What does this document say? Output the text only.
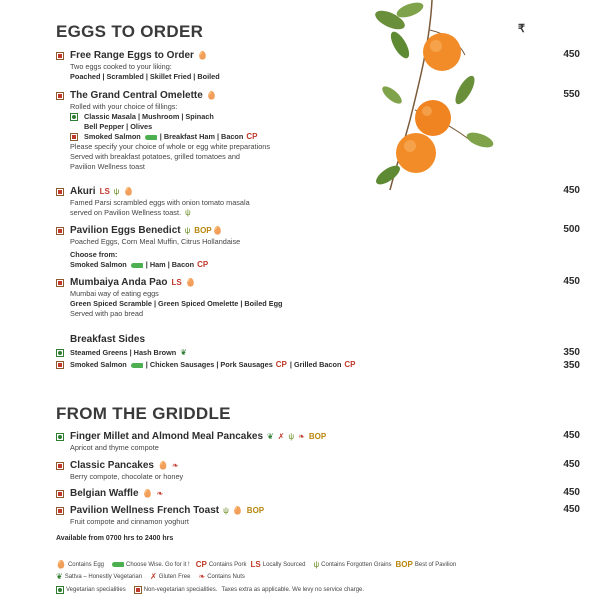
EGGS TO ORDER	₹
Free Range Eggs to Order 🥚	450
Two eggs cooked to your liking:
Poached | Scrambled | Skillet Fried | Boiled
The Grand Central Omelette 🥚	550
Rolled with your choice of fillings:
Classic Masala | Mushroom | Spinach
Bell Pepper | Olives
Smoked Salmon	| Breakfast Ham | Bacon CP
Please specify your choice of whole or egg white preparations
Served with breakfast potatoes, grilled tomatoes and
Pavilion Wellness toast
Akuri LS ψ 🥚	450
Famed Parsi scrambled eggs with onion tomato masala
served on Pavilion Wellness toast. ψ
Pavilion Eggs Benedict ψ BOP 🥚	500
Poached Eggs, Corn Meal Muffin, Citrus Hollandaise
Choose from:
Smoked Salmon	| Ham | Bacon CP
Mumbaiya Anda Pao LS 🥚	450
Mumbai way of eating eggs
Green Spiced Scramble | Green Spiced Omelette | Boiled Egg
Served with pao bread
Breakfast Sides
Steamed Greens | Hash Brown ❦	350
Smoked Salmon	| Chicken Sausages | Pork Sausages CP | Grilled Bacon CP	350
FROM THE GRIDDLE
Finger Millet and Almond Meal Pancakes ❦ ✗ ψ ❧ BOP	450
Apricot and thyme compote
Classic Pancakes 🥚 ❧	450
Berry compote, chocolate or honey
Belgian Waffle 🥚 ❧	450
Pavilion Wellness French Toast ψ 🥚 BOP	450
Fruit compote and cinnamon yoghurt
Available from 0700 hrs to 2400 hrs
🥚 Contains Egg	Choose Wise. Go for it ! CP Contains Pork LS Locally Sourced ψ Contains Forgotten Grains BOP Best of Pavilion
❦ Sattva – Honestly Vegetarian ✗ Gluten Free ❧ Contains Nuts
Vegetarian specialities	Non-vegetarian specialities. Taxes extra as applicable. We levy no service charge.
